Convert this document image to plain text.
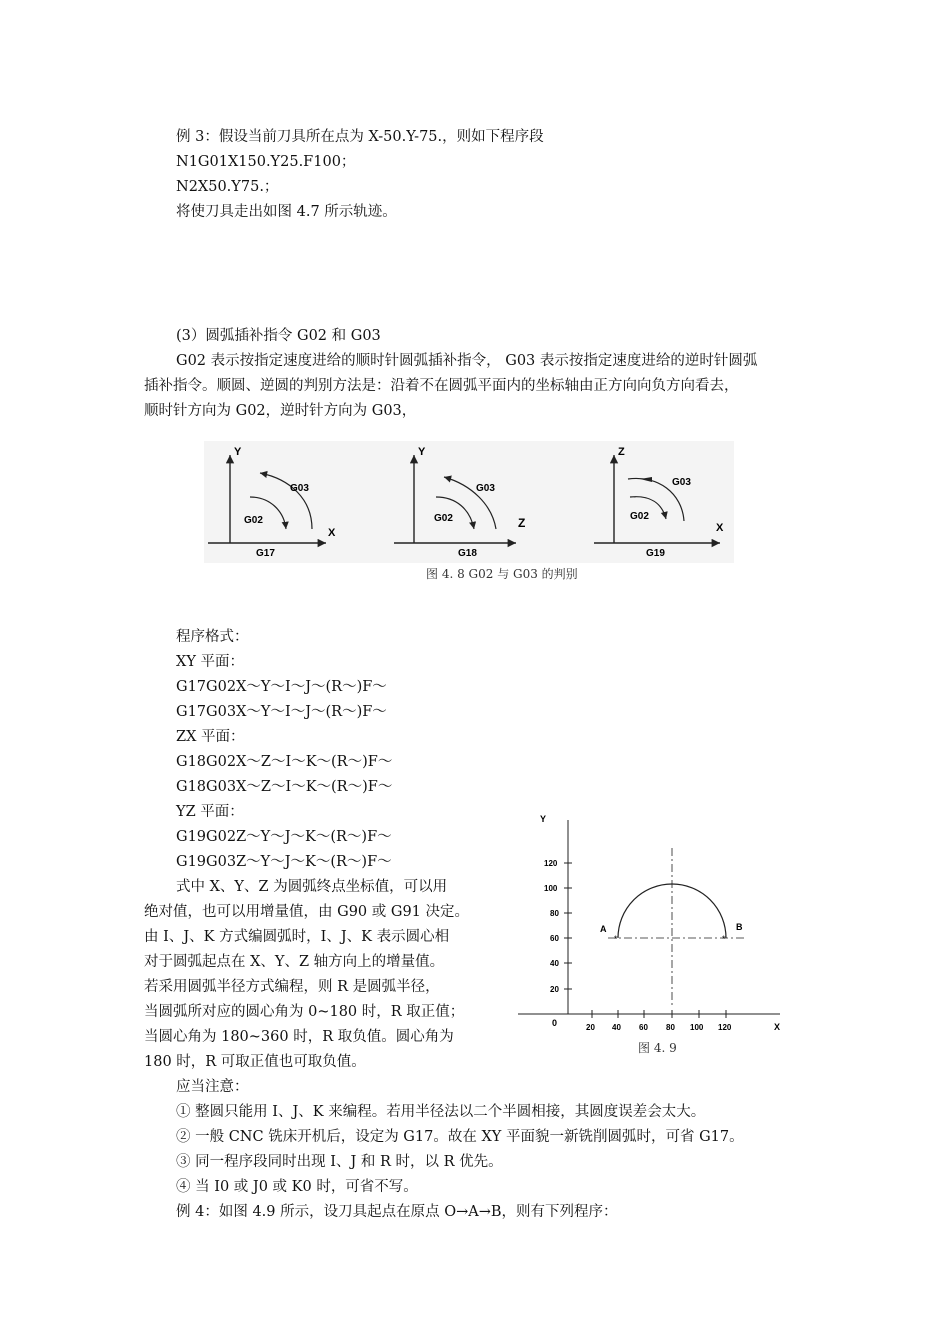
例 3：假设当前刀具所在点为 X-50.Y-75.，则如下程序段
N1G01X150.Y25.F100；
N2X50.Y75.；
将使刀具走出如图 4.7 所示轨迹。
(3）圆弧插补指令 G02 和 G03
G02 表示按指定速度进给的顺时针圆弧插补指令， G03 表示按指定速度进给的逆时针圆弧
插补指令。顺圆、逆圆的判别方法是：沿着不在圆弧平面内的坐标轴由正方向向负方向看去，
顺时针方向为 G02，逆时针方向为 G03，
Y
X
G03
G02
G17
Y
Z
G03
G02
G18
Z
X
G03
G02
G19
图 4. 8 G02 与 G03 的判别
程序格式：
XY 平面：
G17G02X～Y～I～J～(R～)F～
G17G03X～Y～I～J～(R～)F～
ZX 平面：
G18G02X～Z～I～K～(R～)F～
G18G03X～Z～I～K～(R～)F～
YZ 平面：
G19G02Z～Y～J～K～(R～)F～
G19G03Z～Y～J～K～(R～)F～
式中 X、Y、Z 为圆弧终点坐标值，可以用
绝对值，也可以用增量值，由 G90 或 G91 决定。
由 I、J、K 方式编圆弧时，I、J、K 表示圆心相
对于圆弧起点在 X、Y、Z 轴方向上的增量值。
若采用圆弧半径方式编程，则 R 是圆弧半径，
当圆弧所对应的圆心角为 0~180 时，R 取正值；
当圆心角为 180~360 时，R 取负值。圆心角为
180 时，R 可取正值也可取负值。
Y
X
0
20
40
60
80
100
120
20 40 60 80 100 120
*	*
A	B
图 4. 9
应当注意：
① 整圆只能用 I、J、K 来编程。若用半径法以二个半圆相接，其圆度误差会太大。
② 一般 CNC 铣床开机后，设定为 G17。故在 XY 平面貌一新铣削圆弧时，可省 G17。
③ 同一程序段同时出现 I、J 和 R 时，以 R 优先。
④ 当 I0 或 J0 或 K0 时，可省不写。
例 4：如图 4.9 所示，设刀具起点在原点 O→A→B，则有下列程序：
